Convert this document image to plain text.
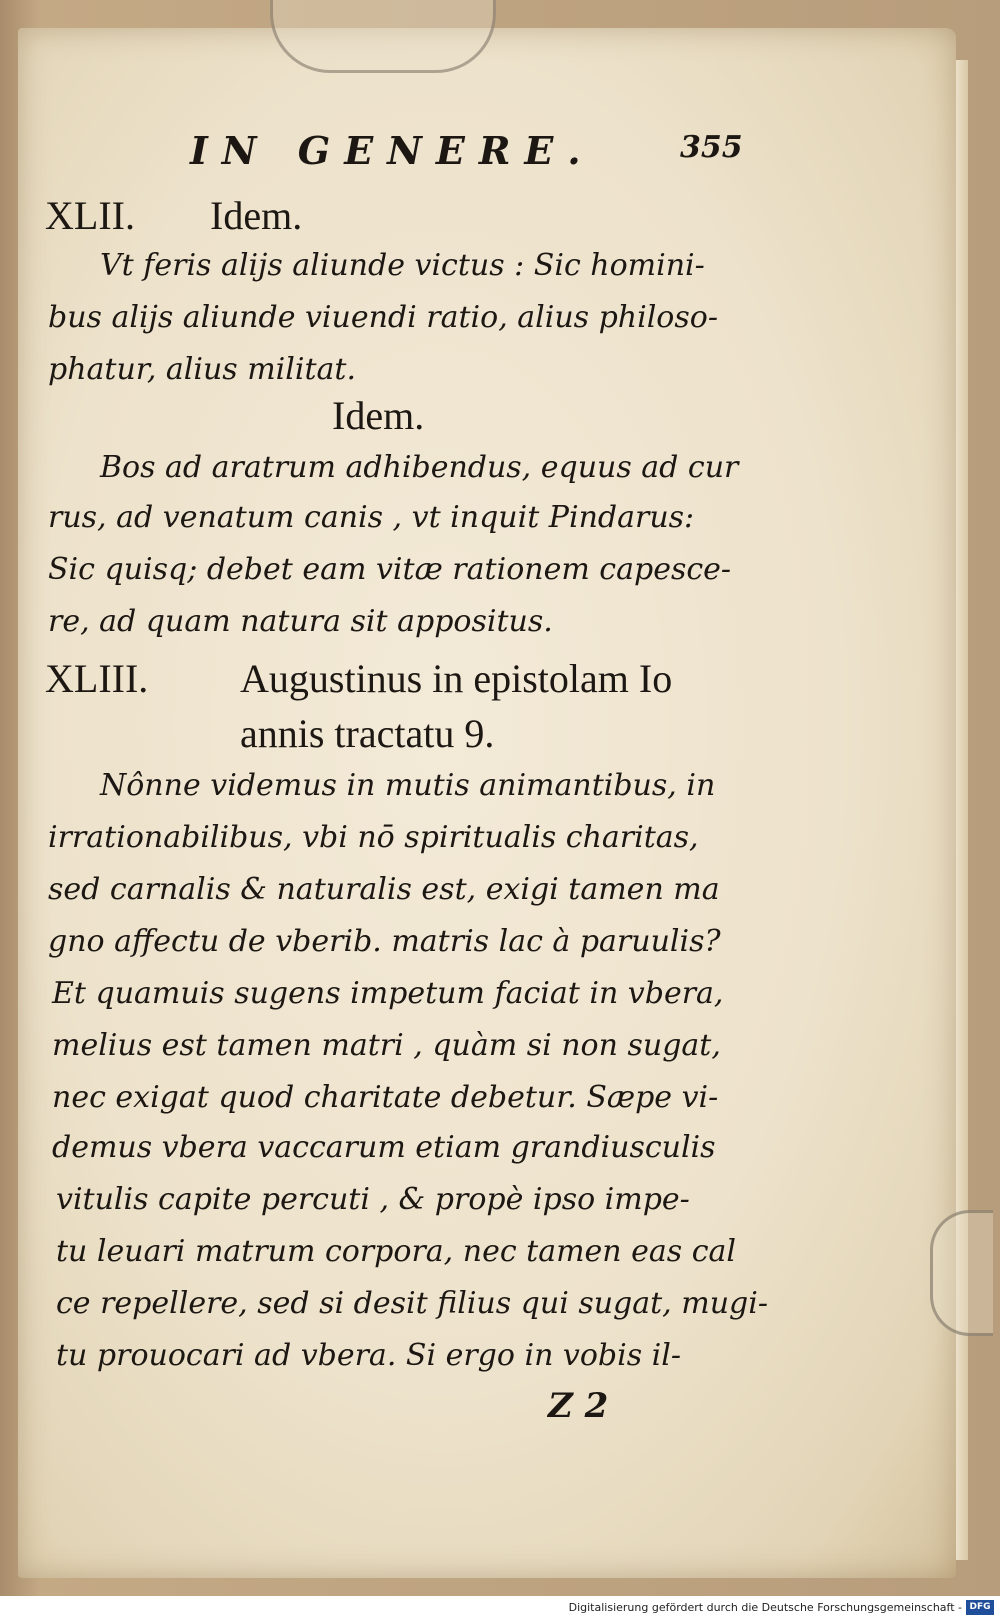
IN GENERE.	355
XLII. Idem.
Vt feris alijs aliunde victus : Sic homini-
bus alijs aliunde viuendi ratio, alius philoso-
phatur, alius militat.
Idem.
Bos ad aratrum adhibendus, equus ad cur
rus, ad venatum canis , vt inquit Pindarus:
Sic quisq; debet eam vitæ rationem capesce-
re, ad quam natura sit appositus.
XLIII. Augustinus in epistolam Io
annis tractatu 9.
Nônne videmus in mutis animantibus, in
irrationabilibus, vbi nō spiritualis charitas,
sed carnalis & naturalis est, exigi tamen ma
gno affectu de vberib. matris lac à paruulis?
Et quamuis sugens impetum faciat in vbera,
melius est tamen matri , quàm si non sugat,
nec exigat quod charitate debetur. Sæpe vi-
demus vbera vaccarum etiam grandiusculis
vitulis capite percuti , & propè ipso impe-
tu leuari matrum corpora, nec tamen eas cal
ce repellere, sed si desit filius qui sugat, mugi-
tu prouocari ad vbera. Si ergo in vobis il-
Z 2
Digitalisierung gefördert durch die Deutsche Forschungsgemeinschaft - DFG
